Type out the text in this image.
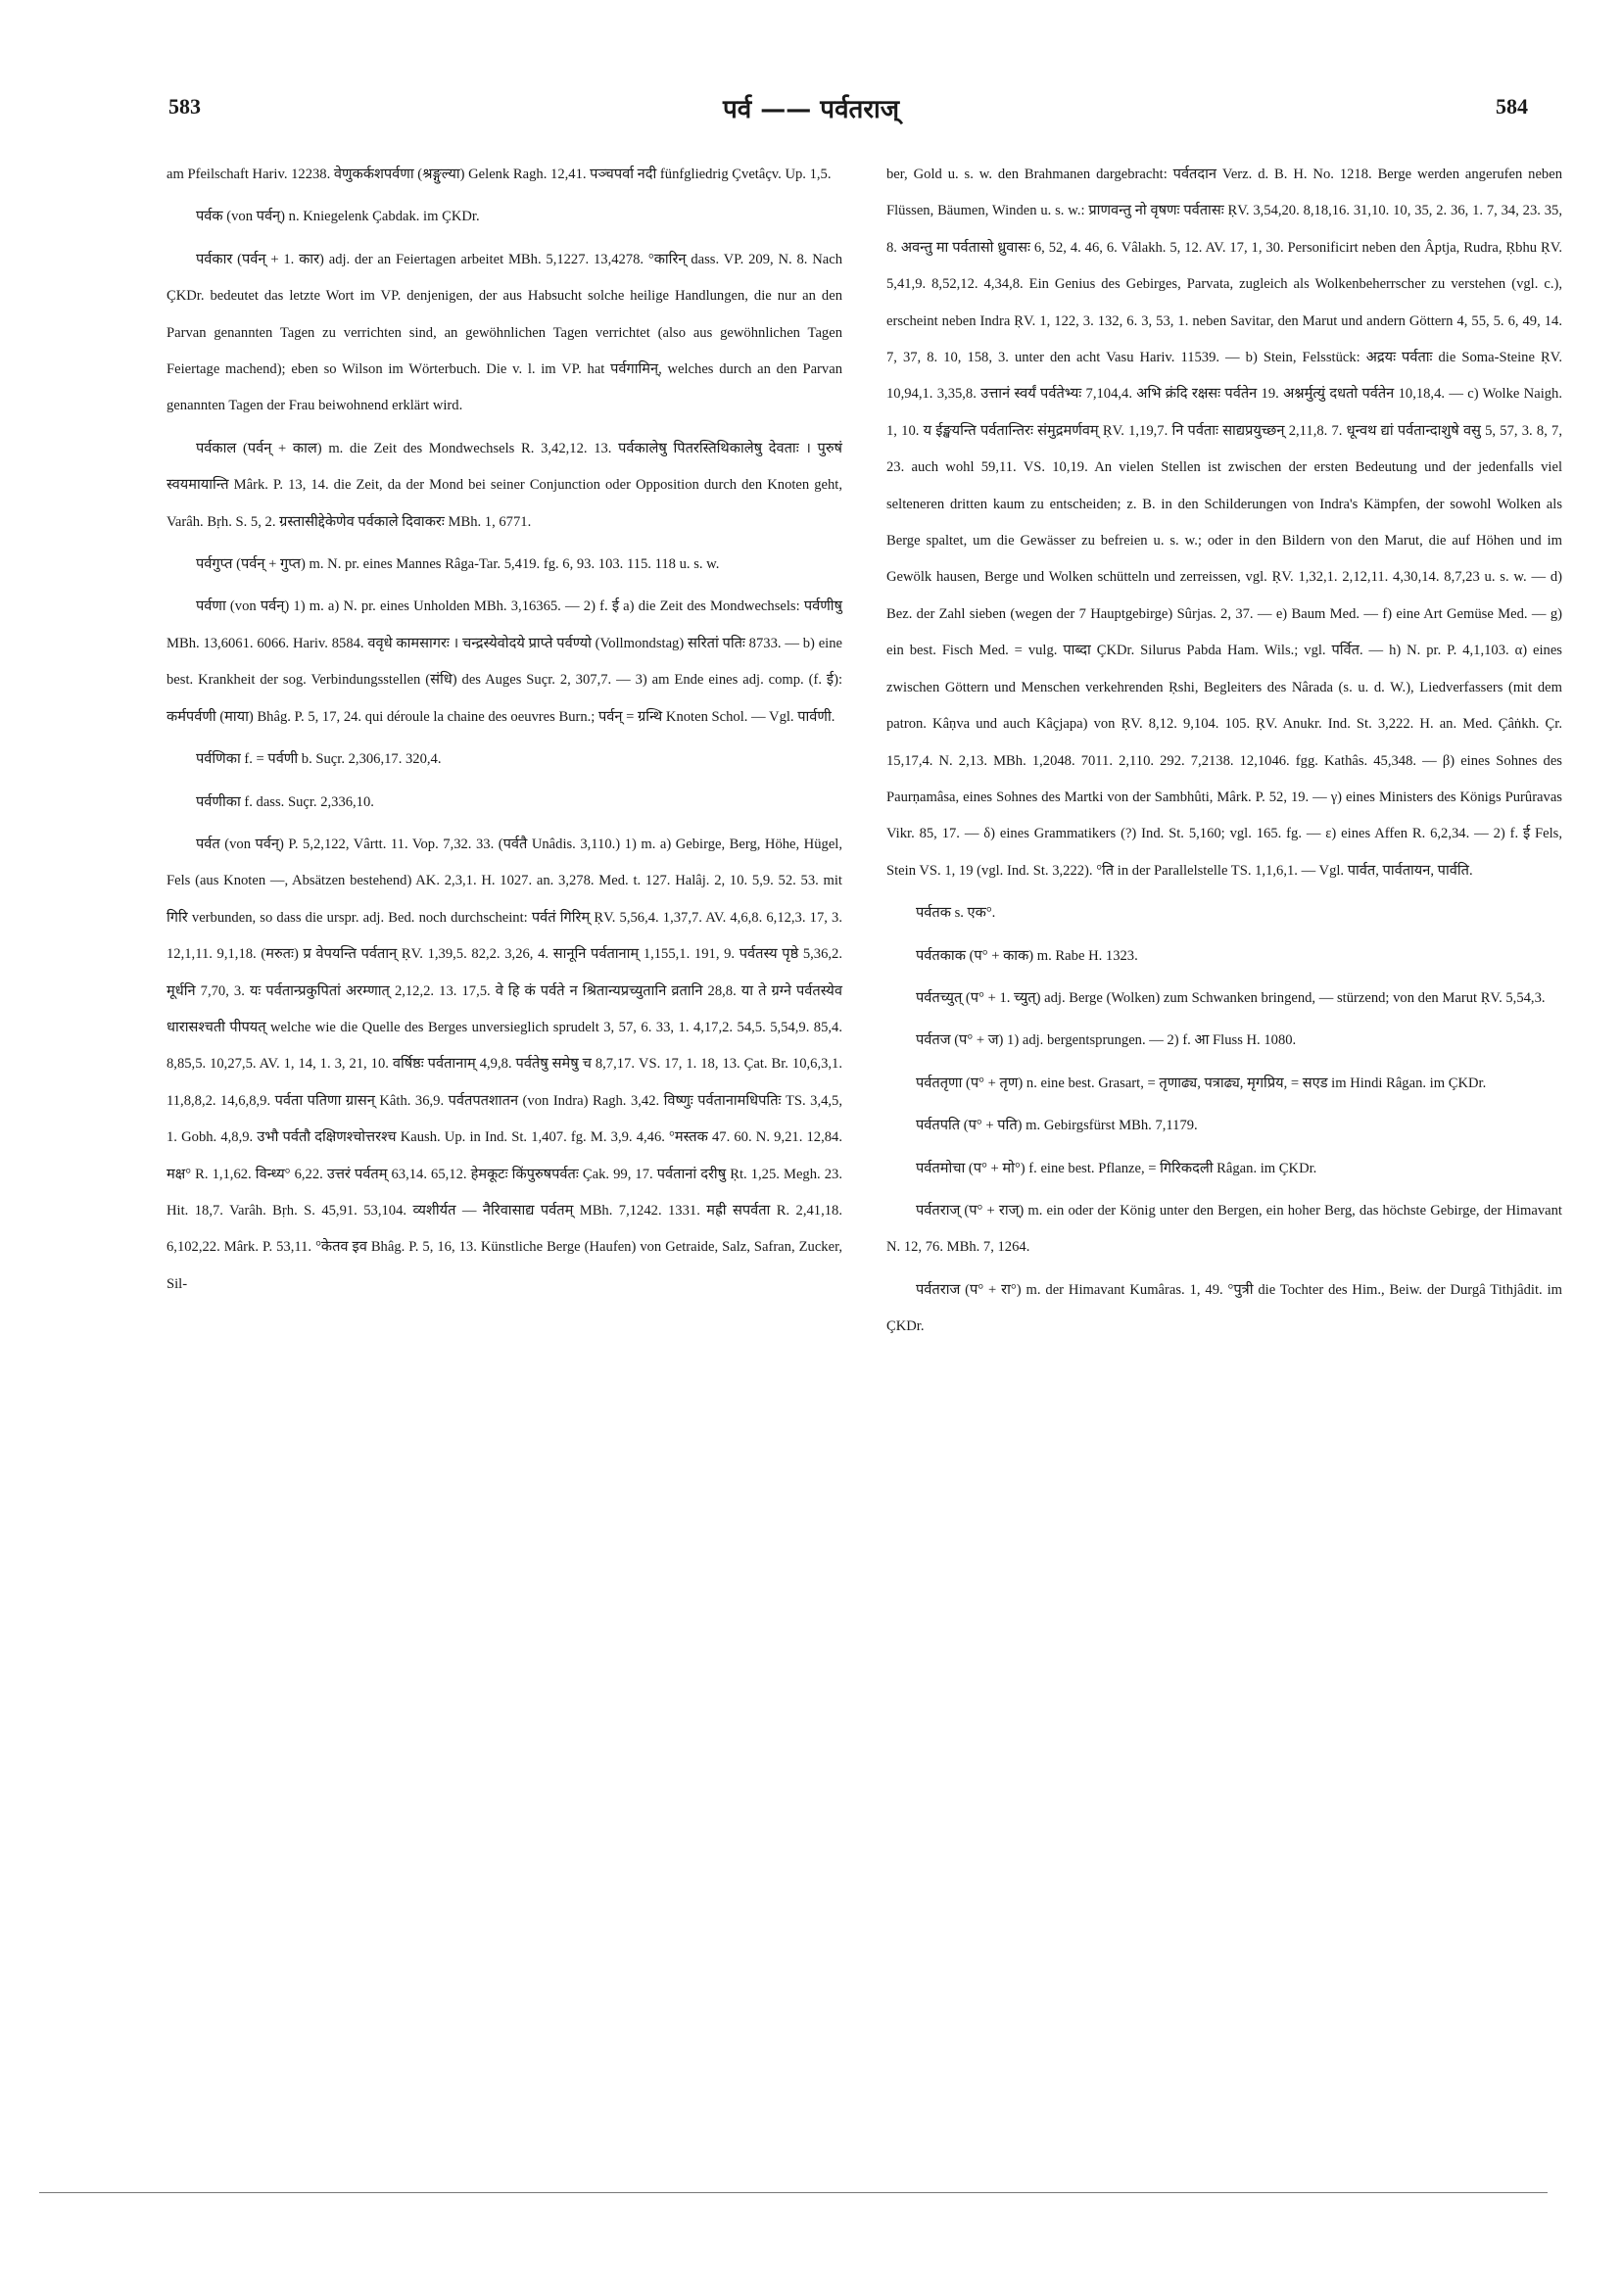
583	पर्व —— पर्वतराज्	584

am Pfeilschaft Hariv. 12238. वेणुकर्कशपर्वणा (श्रङ्गुल्या) Gelenk Ragh. 12,41. पञ्चपर्वा नदी fünfgliedrig Çvetâçv. Up. 1,5.

पर्वक (von पर्वन्) n. Kniegelenk Çabdak. im ÇKDr.

पर्वकार (पर्वन् + 1. कार) adj. der an Feiertagen arbeitet MBh. 5,1227. 13,4278. °कारिन् dass. VP. 209, N. 8. Nach ÇKDr. bedeutet das letzte Wort im VP. denjenigen, der aus Habsucht solche heilige Handlungen, die nur an den Parvan genannten Tagen zu verrichten sind, an gewöhnlichen Tagen verrichtet (also aus gewöhnlichen Tagen Feiertage machend); eben so Wilson im Wörterbuch. Die v. l. im VP. hat पर्वगामिन्, welches durch an den Parvan genannten Tagen der Frau beiwohnend erklärt wird.

पर्वकाल (पर्वन् + काल) m. die Zeit des Mondwechsels R. 3,42,12. 13. पर्वकालेषु पितरस्तिथिकालेषु देवताः । पुरुषं स्वयमायान्ति Mârk. P. 13, 14. die Zeit, da der Mond bei seiner Conjunction oder Opposition durch den Knoten geht, Varâh. Bṛh. S. 5, 2. ग्रस्तासीद्देकेणेव पर्वकाले दिवाकरः MBh. 1, 6771.

पर्वगुप्त (पर्वन् + गुप्त) m. N. pr. eines Mannes Râga-Tar. 5,419. fg. 6, 93. 103. 115. 118 u. s. w.

पर्वणा (von पर्वन्) 1) m. a) N. pr. eines Unholden MBh. 3,16365. — 2) f. ई a) die Zeit des Mondwechsels: पर्वणीषु MBh. 13,6061. 6066. Hariv. 8584. ववृधे कामसागरः । चन्द्रस्येवोदये प्राप्ते पर्वण्यो (Vollmondstag) सरितां पतिः 8733. — b) eine best. Krankheit der sog. Verbindungsstellen (संधि) des Auges Suçr. 2, 307,7. — 3) am Ende eines adj. comp. (f. ई): कर्मपर्वणी (माया) Bhâg. P. 5, 17, 24. qui déroule la chaine des oeuvres Burn.; पर्वन् = ग्रन्थि Knoten Schol. — Vgl. पार्वणी.

पर्वणिका f. = पर्वणी b. Suçr. 2,306,17. 320,4.

पर्वणीका f. dass. Suçr. 2,336,10.

पर्वत (von पर्वन्) P. 5,2,122, Vârtt. 11. Vop. 7,32. 33. (पर्वतै Unâdis. 3,110.) 1) m. a) Gebirge, Berg, Höhe, Hügel, Fels (aus Knoten —, Absätzen bestehend) AK. 2,3,1. H. 1027. an. 3,278. Med. t. 127. Halâj. 2, 10. 5,9. 52. 53. mit गिरि verbunden, so dass die urspr. adj. Bed. noch durchscheint: पर्वतं गिरिम् ṚV. 5,56,4. 1,37,7. AV. 4,6,8. 6,12,3. 17, 3. 12,1,11. 9,1,18. (मरुतः) प्र वेपयन्ति पर्वतान् ṚV. 1,39,5. 82,2. 3,26, 4. सानूनि पर्वतानाम् 1,155,1. 191, 9. पर्वतस्य पृष्ठे 5,36,2. मूर्धनि 7,70, 3. यः पर्वतान्प्रकुपितां अरम्णात् 2,12,2. 13. 17,5. वे हि कं पर्वते न श्रितान्यप्रच्युतानि व्रतानि 28,8. या ते ग्रग्ने पर्वतस्येव धारासश्चती पीपयत् welche wie die Quelle des Berges unversieglich sprudelt 3, 57, 6. 33, 1. 4,17,2. 54,5. 5,54,9. 85,4. 8,85,5. 10,27,5. AV. 1, 14, 1. 3, 21, 10. वर्षिष्ठः पर्वतानाम् 4,9,8. पर्वतेषु समेषु च 8,7,17. VS. 17, 1. 18, 13. Çat. Br. 10,6,3,1. 11,8,8,2. 14,6,8,9. पर्वता पतिणा ग्रासन् Kâth. 36,9. पर्वतपतशातन (von Indra) Ragh. 3,42. विष्णुः पर्वतानामधिपतिः TS. 3,4,5, 1. Gobh. 4,8,9. उभौ पर्वतौ दक्षिणश्चोत्तरश्च Kaush. Up. in Ind. St. 1,407. fg. M. 3,9. 4,46. °मस्तक 47. 60. N. 9,21. 12,84. मक्ष° R. 1,1,62. विन्ध्य° 6,22. उत्तरं पर्वतम् 63,14. 65,12. हेमकूटः किंपुरुषपर्वतः Çak. 99, 17. पर्वतानां दरीषु Ṛt. 1,25. Megh. 23. Hit. 18,7. Varâh. Bṛh. S. 45,91. 53,104. व्यशीर्यत — नैरिवासाद्य पर्वतम् MBh. 7,1242. 1331. मह्री सपर्वता R. 2,41,18. 6,102,22. Mârk. P. 53,11. °केतव इव Bhâg. P. 5, 16, 13. Künstliche Berge (Haufen) von Getraide, Salz, Safran, Zucker, Sil-

ber, Gold u. s. w. den Brahmanen dargebracht: पर्वतदान Verz. d. B. H. No. 1218. Berge werden angerufen neben Flüssen, Bäumen, Winden u. s. w.: प्राणवन्तु नो वृषणः पर्वतासः ṚV. 3,54,20. 8,18,16. 31,10. 10, 35, 2. 36, 1. 7, 34, 23. 35, 8. अवन्तु मा पर्वतासो ध्रुवासः 6, 52, 4. 46, 6. Vâlakh. 5, 12. AV. 17, 1, 30. Personificirt neben den Âptja, Rudra, Ṛbhu ṚV. 5,41,9. 8,52,12. 4,34,8. Ein Genius des Gebirges, Parvata, zugleich als Wolkenbeherrscher zu verstehen (vgl. c.), erscheint neben Indra ṚV. 1, 122, 3. 132, 6. 3, 53, 1. neben Savitar, den Marut und andern Göttern 4, 55, 5. 6, 49, 14. 7, 37, 8. 10, 158, 3. unter den acht Vasu Hariv. 11539. — b) Stein, Felsstück: अद्रयः पर्वताः die Soma-Steine ṚV. 10,94,1. 3,35,8. उत्तानं स्वर्यं पर्वतेभ्यः 7,104,4. अभि क्रंदि रक्षसः पर्वतेन 19. अश्नर्मुत्युं दधतो पर्वतेन 10,18,4. — c) Wolke Naigh. 1, 10. य ईङ्खयन्ति पर्वतान्तिरः संमुद्रमर्णवम् ṚV. 1,19,7. नि पर्वताः साद्यप्रयुच्छन् 2,11,8. 7. धून्वथ द्यां पर्वतान्दाशुषे वसु 5, 57, 3. 8, 7, 23. auch wohl 59,11. VS. 10,19. An vielen Stellen ist zwischen der ersten Bedeutung und der jedenfalls viel selteneren dritten kaum zu entscheiden; z. B. in den Schilderungen von Indra's Kämpfen, der sowohl Wolken als Berge spaltet, um die Gewässer zu befreien u. s. w.; oder in den Bildern von den Marut, die auf Höhen und im Gewölk hausen, Berge und Wolken schütteln und zerreissen, vgl. ṚV. 1,32,1. 2,12,11. 4,30,14. 8,7,23 u. s. w. — d) Bez. der Zahl sieben (wegen der 7 Hauptgebirge) Sûrjas. 2, 37. — e) Baum Med. — f) eine Art Gemüse Med. — g) ein best. Fisch Med. = vulg. पाब्दा ÇKDr. Silurus Pabda Ham. Wils.; vgl. पर्वित. — h) N. pr. P. 4,1,103. α) eines zwischen Göttern und Menschen verkehrenden Ṛshi, Begleiters des Nârada (s. u. d. W.), Liedverfassers (mit dem patron. Kâṇva und auch Kâçjapa) von ṚV. 8,12. 9,104. 105. ṚV. Anukr. Ind. St. 3,222. H. an. Med. Çâṅkh. Çr. 15,17,4. N. 2,13. MBh. 1,2048. 7011. 2,110. 292. 7,2138. 12,1046. fgg. Kathâs. 45,348. — β) eines Sohnes des Paurṇamâsa, eines Sohnes des Martki von der Sambhûti, Mârk. P. 52, 19. — γ) eines Ministers des Königs Purûravas Vikr. 85, 17. — δ) eines Grammatikers (?) Ind. St. 5,160; vgl. 165. fg. — ε) eines Affen R. 6,2,34. — 2) f. ई Fels, Stein VS. 1, 19 (vgl. Ind. St. 3,222). °ति in der Parallelstelle TS. 1,1,6,1. — Vgl. पार्वत, पार्वतायन, पार्वति.

पर्वतक s. एक°.

पर्वतकाक (प° + काक) m. Rabe H. 1323.

पर्वतच्युत् (प° + 1. च्युत्) adj. Berge (Wolken) zum Schwanken bringend, — stürzend; von den Marut ṚV. 5,54,3.

पर्वतज (प° + ज) 1) adj. bergentsprungen. — 2) f. आ Fluss H. 1080.

पर्वततृणा (प° + तृण) n. eine best. Grasart, = तृणाढ्य, पत्राढ्य, मृगप्रिय, = सएड im Hindi Râgan. im ÇKDr.

पर्वतपति (प° + पति) m. Gebirgsfürst MBh. 7,1179.

पर्वतमोचा (प° + मो°) f. eine best. Pflanze, = गिरिकदली Râgan. im ÇKDr.

पर्वतराज् (प° + राज्) m. ein oder der König unter den Bergen, ein hoher Berg, das höchste Gebirge, der Himavant N. 12, 76. MBh. 7, 1264.

पर्वतराज (प° + रा°) m. der Himavant Kumâras. 1, 49. °पुत्री die Tochter des Him., Beiw. der Durgâ Tithjâdit. im ÇKDr.
